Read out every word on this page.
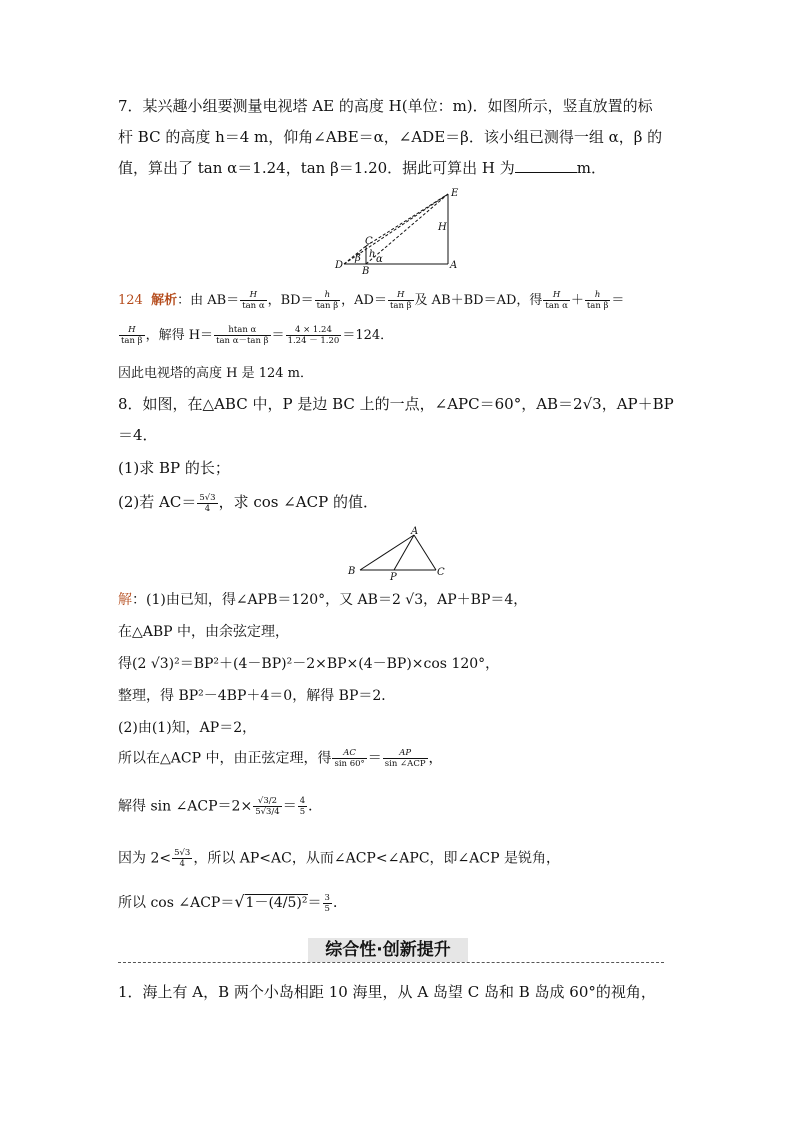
7．某兴趣小组要测量电视塔 AE 的高度 H(单位：m)．如图所示，竖直放置的标
杆 BC 的高度 h＝4 m，仰角∠ABE＝α，∠ADE＝β．该小组已测得一组 α，β 的
值，算出了 tan α＝1.24，tan β＝1.20．据此可算出 H 为	m．
E
H
C
h
D
β α
B
A
124 解析：由 $AB= \frac{H}{\text{tan α}}$ ，$BD= \frac{h}{\text{tan β}}$ ，$AD= \frac{H}{\text{tan β}}$ 及 AB＋BD＝AD，得 $\frac{H}{\text{tan α}} + \frac{h}{\text{tan β}}$ ＝
$\frac{H}{\text{tan β}}$ ，解得 $H= \frac{\text{htan α}}{\text{tan α－tan β}} = \frac{4 \times 1.24}{1.24 - 1.20} =124$．
因此电视塔的高度 H 是 124 m．
8．如图，在△ABC 中，P 是边 BC 上的一点，∠APC＝60°，AB＝2√3，AP＋BP
＝4．
(1)求 BP 的长；
(2)若 $AC= \frac{5√3}{4}$ ，求 cos ∠ACP 的值．
A
B
P	C
解：(1)由已知，得∠APB＝120°，又 AB＝2 √3，AP＋BP＝4，
在△ABP 中，由余弦定理，
得(2 √3)²＝BP²＋(4－BP)²－2×BP×(4－BP)×cos 120°，
整理，得 BP²－4BP＋4＝0，解得 BP＝2．
(2)由(1)知，AP＝2，
所以在△ACP 中，由正弦定理，得 $\frac{AC}{\sin 60^\circ} = \frac{AP}{\text{sin ∠ACP}}$ ，
解得 sin ∠ACP＝2× $\frac{√3/2}{5√3/4} = \frac{4}{5}$ ．
因为 $2< \frac{5√3}{4}$ ，所以 AP<AC，从而∠ACP<∠APC，即∠ACP 是锐角，
所以 cos ∠ACP＝√1－(4/5)²＝ $\frac{3}{5}$ ．
综合性·创新提升
1．海上有 A，B 两个小岛相距 10 海里，从 A 岛望 C 岛和 B 岛成 60°的视角，
